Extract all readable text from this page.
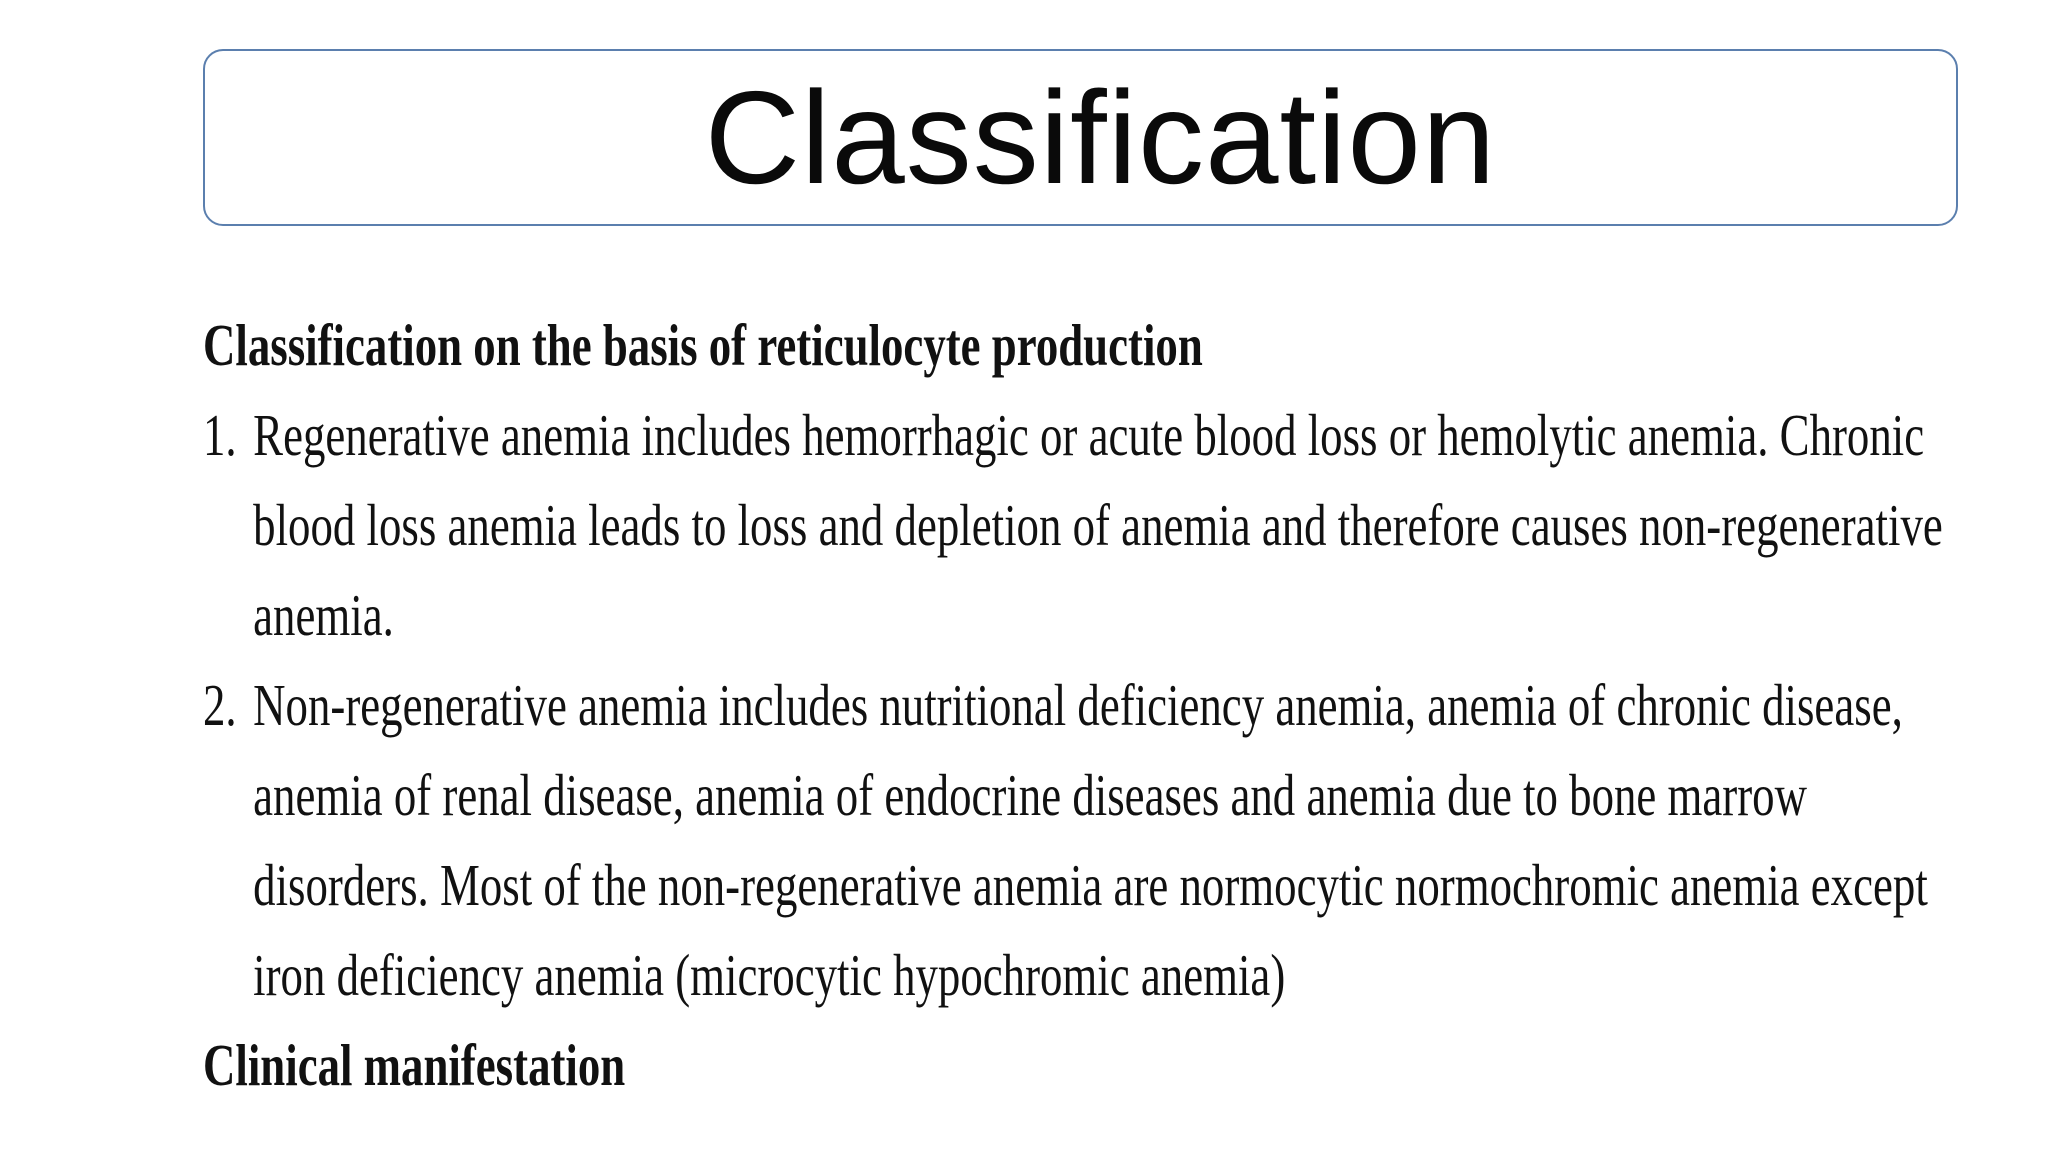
Classification

Classification on the basis of reticulocyte production

1. Regenerative anemia includes hemorrhagic or acute blood loss or hemolytic anemia. Chronic blood loss anemia leads to loss and depletion of anemia and therefore causes non-regenerative anemia.
2. Non-regenerative anemia includes nutritional deficiency anemia, anemia of chronic disease, anemia of renal disease, anemia of endocrine diseases and anemia due to bone marrow disorders. Most of the non-regenerative anemia are normocytic normochromic anemia except iron deficiency anemia (microcytic hypochromic anemia)

Clinical manifestation
